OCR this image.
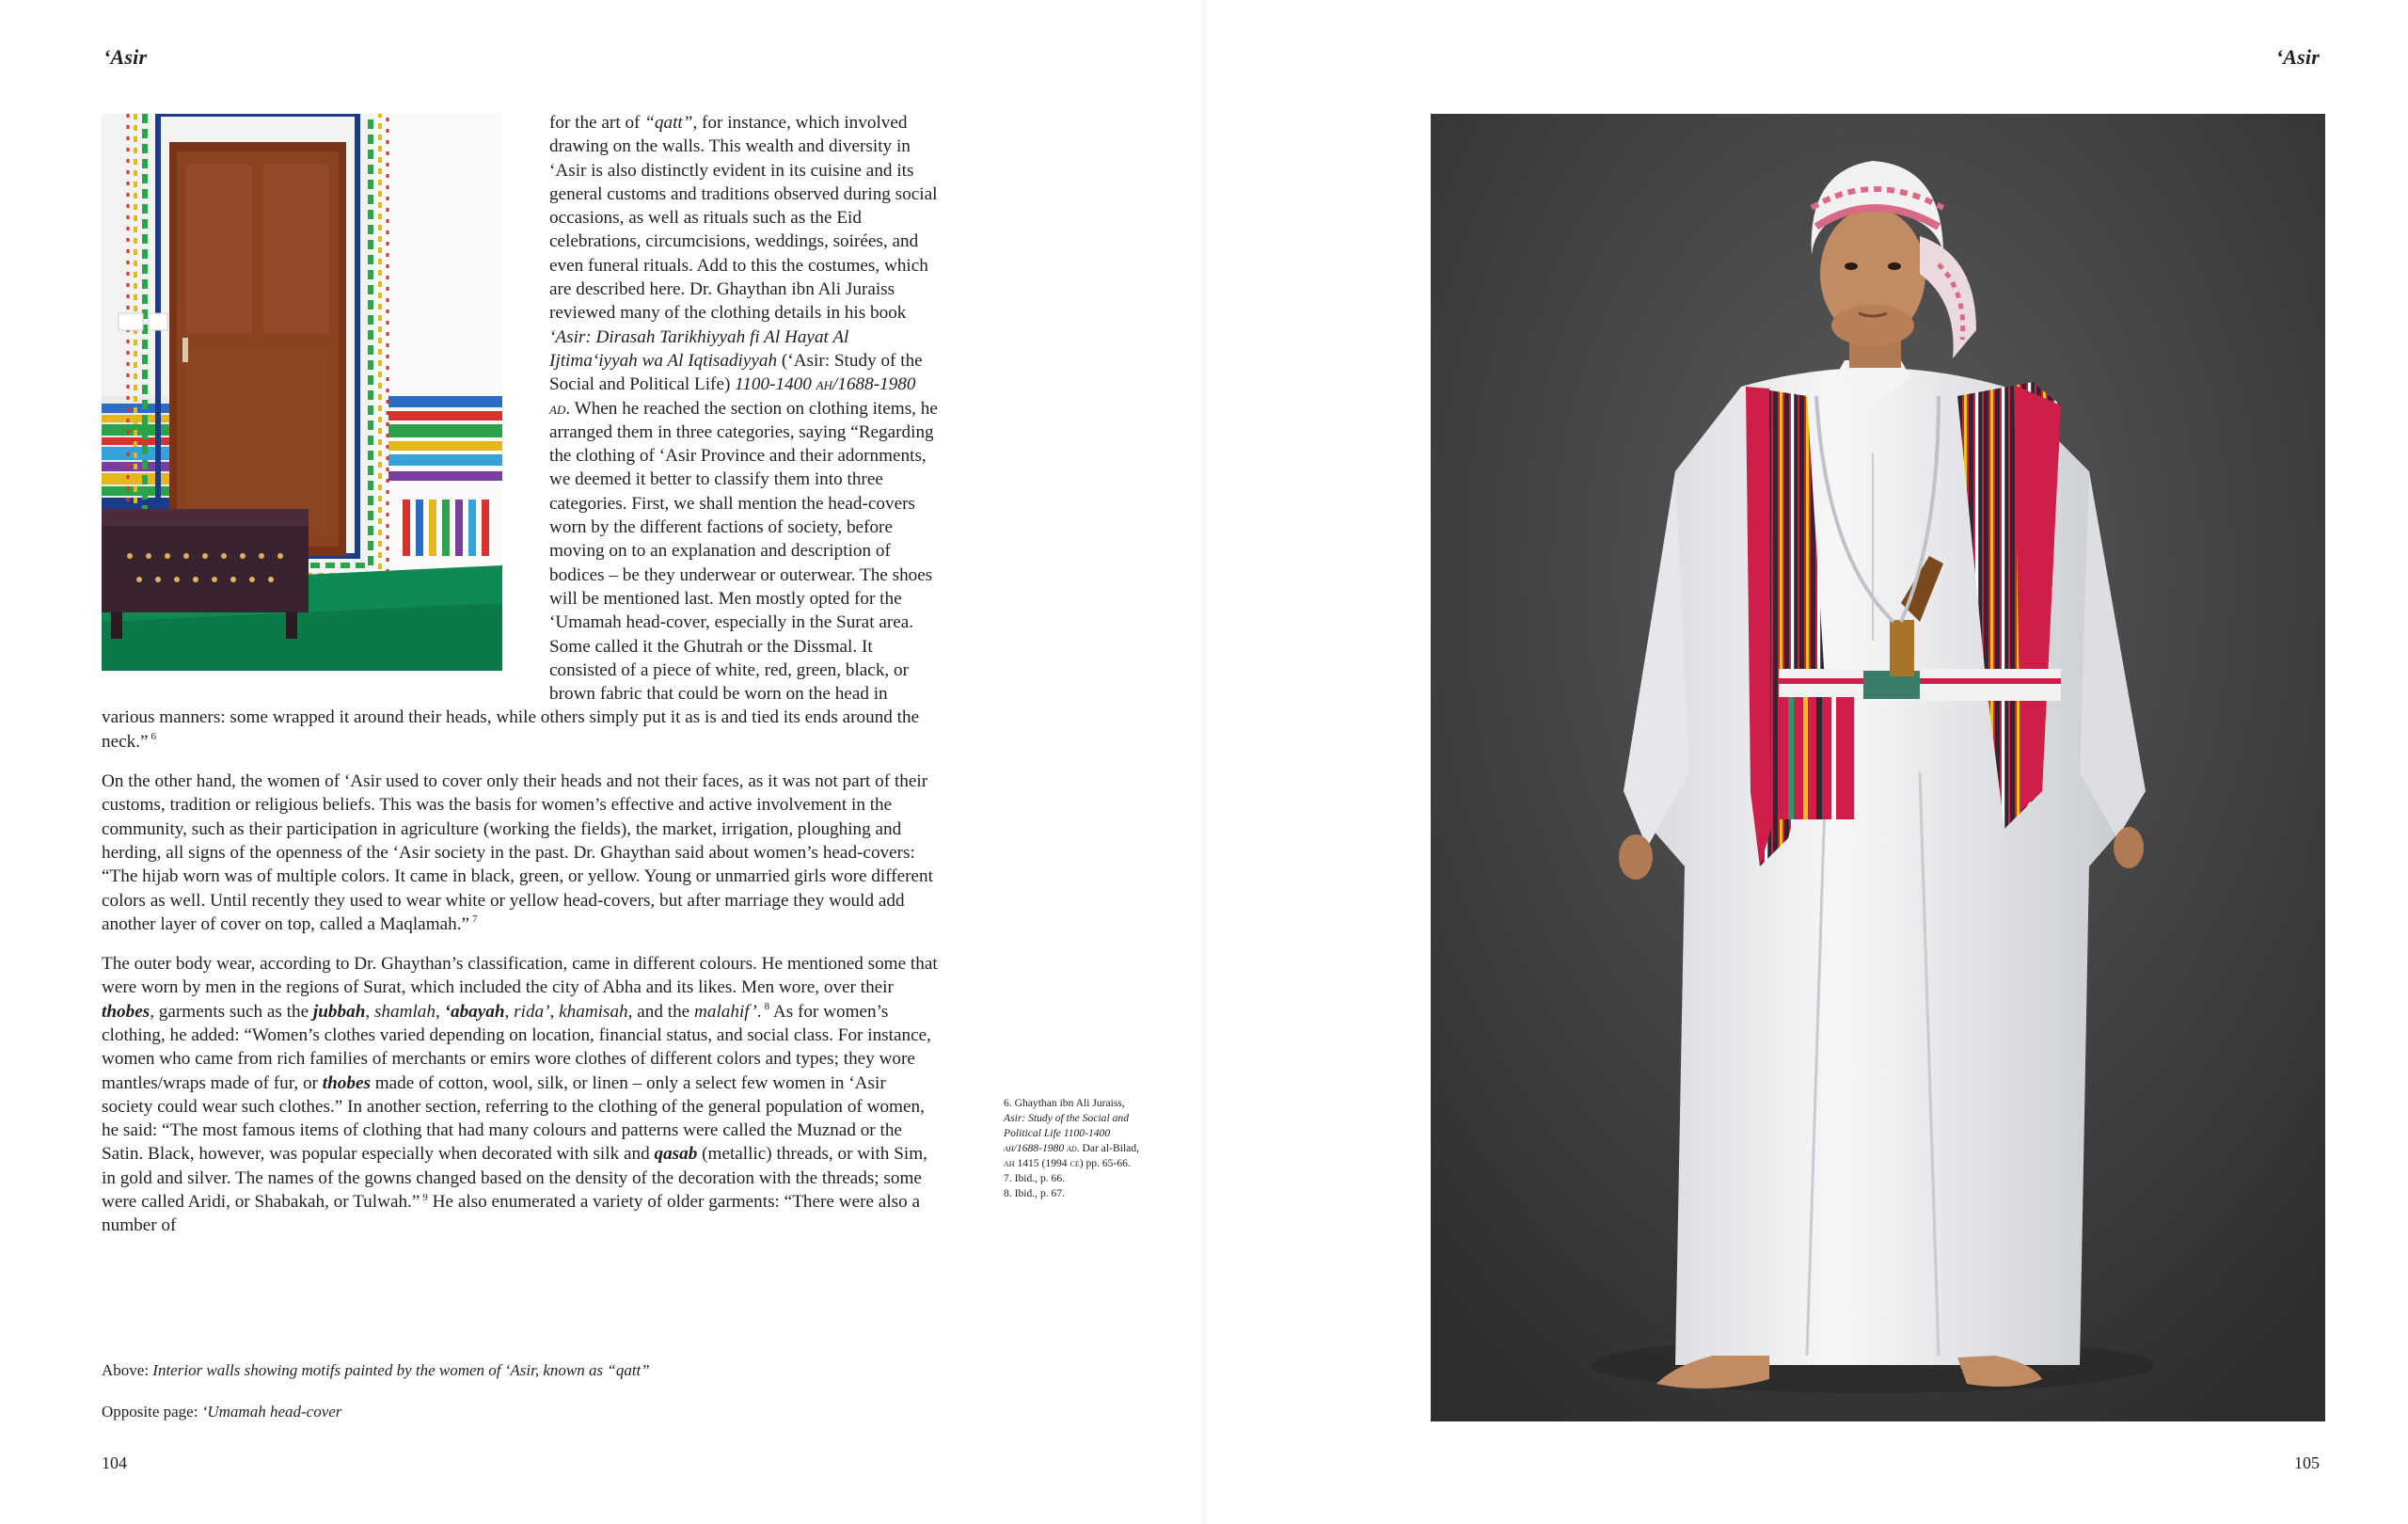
‘Asir

for the art of “qatt”, for instance, which involved drawing on the walls. This wealth and diversity in ‘Asir is also distinctly evident in its cuisine and its general customs and traditions observed during social occasions, as well as rituals such as the Eid celebrations, circumcisions, weddings, soirées, and even funeral rituals. Add to this the costumes, which are described here. Dr. Ghaythan ibn Ali Juraiss reviewed many of the clothing details in his book ‘Asir: Dirasah Tarikhiyyah fi Al Hayat Al Ijtima‘iyyah wa Al Iqtisadiyyah (‘Asir: Study of the Social and Political Life) 1100-1400 ah/1688-1980 ad. When he reached the section on clothing items, he arranged them in three categories, saying “Regarding the clothing of ‘Asir Province and their adornments, we deemed it better to classify them into three categories. First, we shall mention the head-covers worn by the different factions of society, before moving on to an explanation and description of bodices – be they underwear or outerwear. The shoes will be mentioned last. Men mostly opted for the ‘Umamah head-cover, especially in the Surat area. Some called it the Ghutrah or the Dissmal. It consisted of a piece of white, red, green, black, or brown fabric that could be worn on the head in various manners: some wrapped it around their heads, while others simply put it as is and tied its ends around the neck.” $^6$

On the other hand, the women of ‘Asir used to cover only their heads and not their faces, as it was not part of their customs, tradition or religious beliefs. This was the basis for women’s effective and active involvement in the community, such as their participation in agriculture (working the fields), the market, irrigation, ploughing and herding, all signs of the openness of the ‘Asir society in the past. Dr. Ghaythan said about women’s head-covers: “The hijab worn was of multiple colors. It came in black, green, or yellow. Young or unmarried girls wore different colors as well. Until recently they used to wear white or yellow head-covers, but after marriage they would add another layer of cover on top, called a Maqlamah.” $^7$

The outer body wear, according to Dr. Ghaythan’s classification, came in different colours. He mentioned some that were worn by men in the regions of Surat, which included the city of Abha and its likes. Men wore, over their thobes, garments such as the jubbah, shamlah, ‘abayah, rida’, khamisah, and the malahif’. $^8$ As for women’s clothing, he added: “Women’s clothes varied depending on location, financial status, and social class. For instance, women who came from rich families of merchants or emirs wore clothes of different colors and types; they wore mantles/wraps made of fur, or thobes made of cotton, wool, silk, or linen – only a select few women in ‘Asir society could wear such clothes.” In another section, referring to the clothing of the general population of women, he said: “The most famous items of clothing that had many colours and patterns were called the Muznad or the Satin. Black, however, was popular especially when decorated with silk and qasab (metallic) threads, or with Sim, in gold and silver. The names of the gowns changed based on the density of the decoration with the threads; some were called Aridi, or Shabakah, or Tulwah.” $^9$ He also enumerated a variety of older garments: “There were also a number of

6. Ghaythan ibn Ali Juraiss, Asir: Study of the Social and Political Life 1100-1400 ah/1688-1980 ad. Dar al-Bilad, ah 1415 (1994 ce) pp. 65-66.

7. Ibid., p. 66.

8. Ibid., p. 67.

Above: Interior walls showing motifs painted by the women of ‘Asir, known as “qatt”
Opposite page: ‘Umamah head-cover
104
‘Asir
105
